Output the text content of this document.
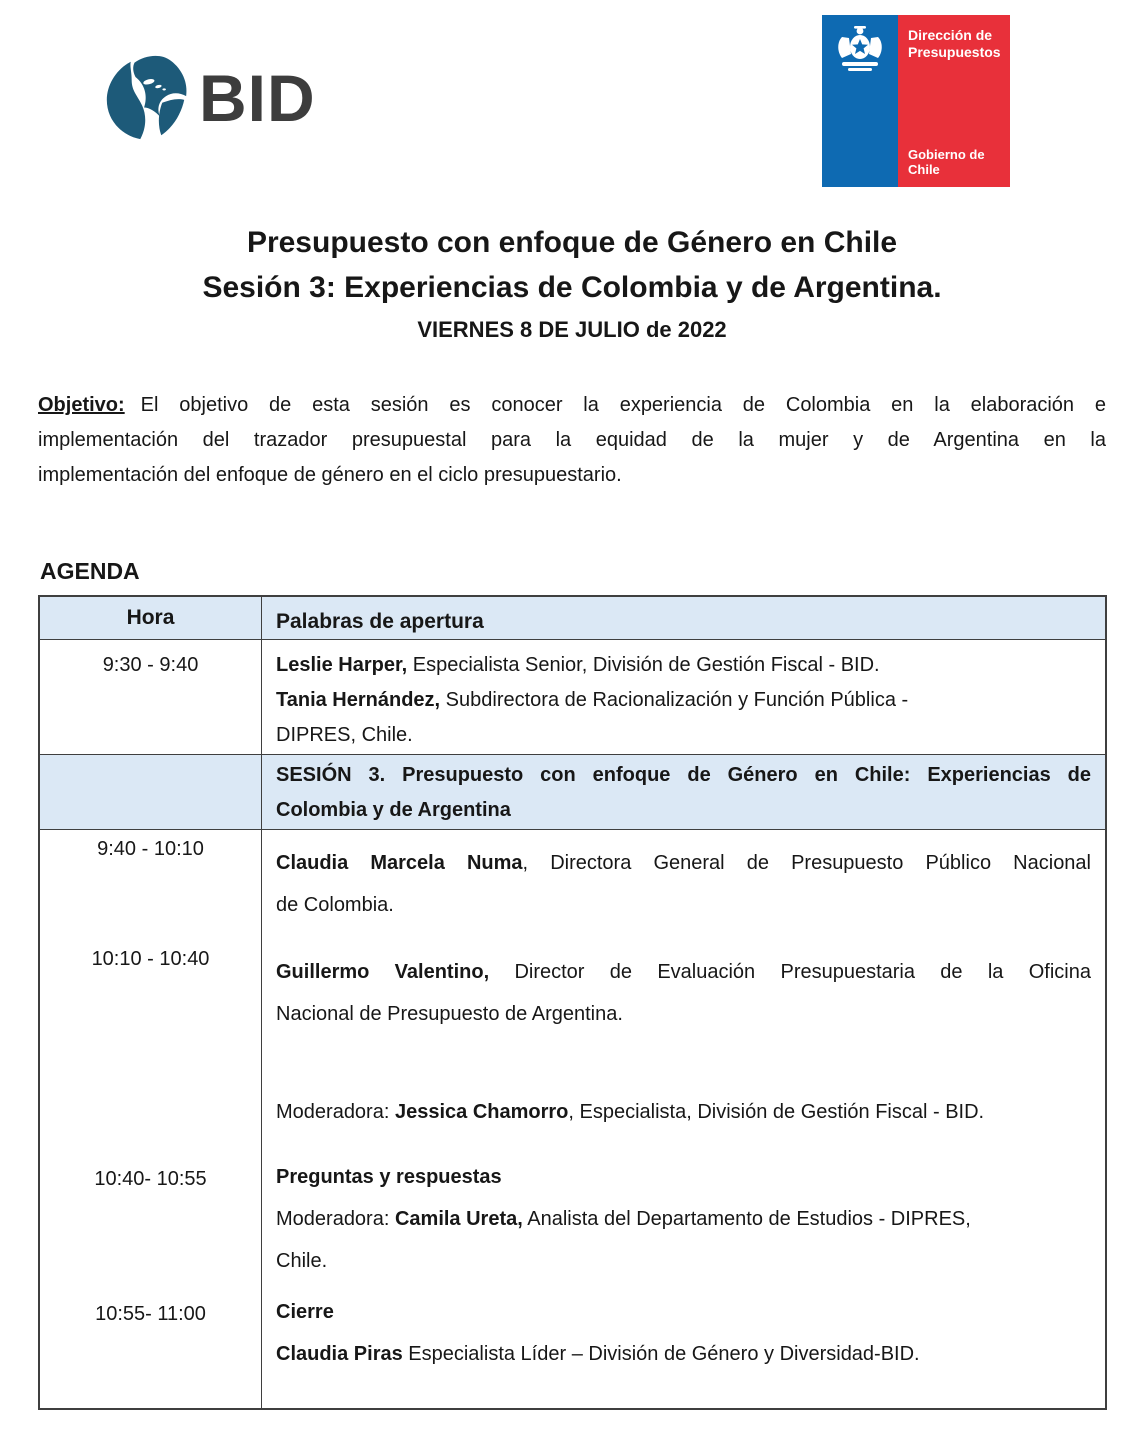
BID
Dirección de
Presupuestos
Gobierno de Chile
Presupuesto con enfoque de Género en Chile
Sesión 3: Experiencias de Colombia y de Argentina.
VIERNES 8 DE JULIO de 2022
Objetivo: El objetivo de esta sesión es conocer la experiencia de Colombia en la elaboración e
implementación del trazador presupuestal para la equidad de la mujer y de Argentina en la
implementación del enfoque de género en el ciclo presupuestario.
AGENDA
Hora	Palabras de apertura
9:30 - 9:40	Leslie Harper, Especialista Senior, División de Gestión Fiscal - BID.
Tania Hernández, Subdirectora de Racionalización y Función Pública -
DIPRES, Chile.
SESIÓN 3. Presupuesto con enfoque de Género en Chile: Experiencias de
Colombia y de Argentina
9:40 - 10:10
10:10 - 10:40
10:40- 10:55
10:55- 11:00
Claudia Marcela Numa, Directora General de Presupuesto Público Nacional
de Colombia.
Guillermo Valentino, Director de Evaluación Presupuestaria de la Oficina
Nacional de Presupuesto de Argentina.
Moderadora: Jessica Chamorro, Especialista, División de Gestión Fiscal - BID.
Preguntas y respuestas
Moderadora: Camila Ureta, Analista del Departamento de Estudios - DIPRES,
Chile.
Cierre
Claudia Piras Especialista Líder – División de Género y Diversidad-BID.
